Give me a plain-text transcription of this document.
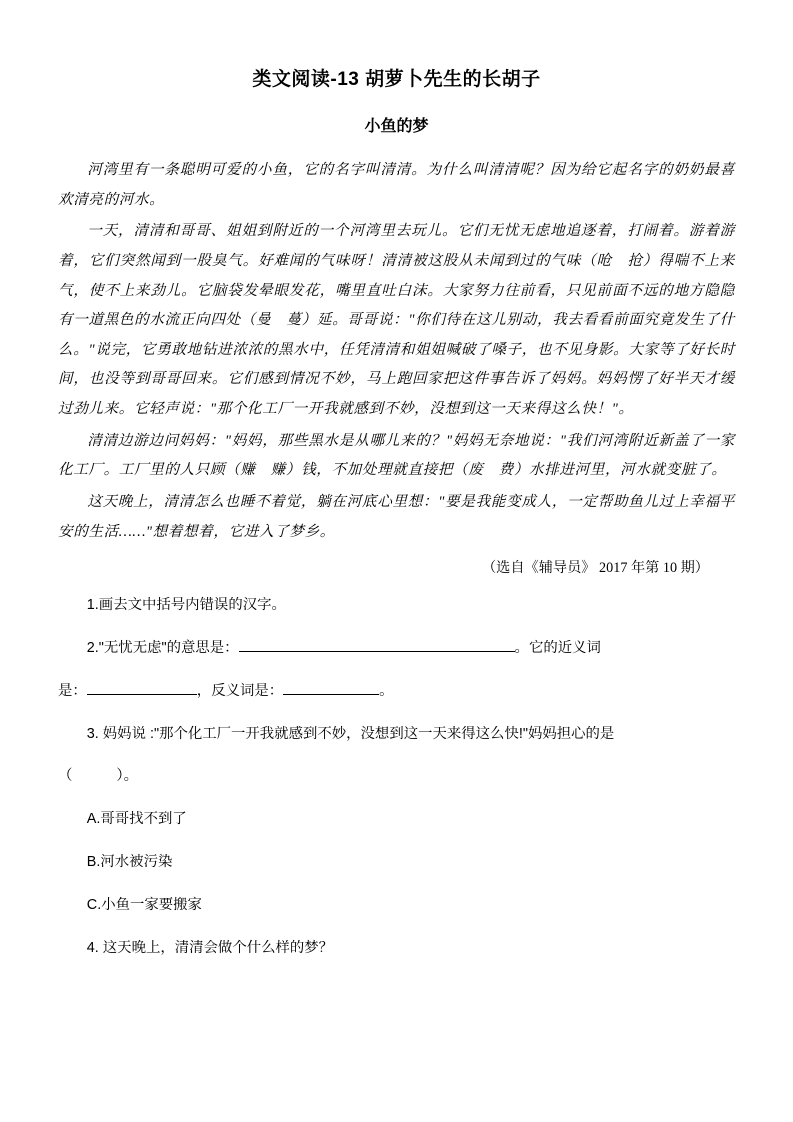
类文阅读-13 胡萝卜先生的长胡子
小鱼的梦

河湾里有一条聪明可爱的小鱼，它的名字叫清清。为什么叫清清呢？因为给它起名字的奶奶最喜欢清亮的河水。

一天，清清和哥哥、姐姐到附近的一个河湾里去玩儿。它们无忧无虑地追逐着，打闹着。游着游着，它们突然闻到一股臭气。好难闻的气味呀！清清被这股从未闻到过的气味（呛　抢）得喘不上来气，使不上来劲儿。它脑袋发晕眼发花，嘴里直吐白沫。大家努力往前看，只见前面不远的地方隐隐有一道黑色的水流正向四处（曼　蔓）延。哥哥说："你们待在这儿别动，我去看看前面究竟发生了什么。"说完，它勇敢地钻进浓浓的黑水中，任凭清清和姐姐喊破了嗓子，也不见身影。大家等了好长时间，也没等到哥哥回来。它们感到情况不妙，马上跑回家把这件事告诉了妈妈。妈妈愣了好半天才缓过劲儿来。它轻声说："那个化工厂一开我就感到不妙，没想到这一天来得这么快！"。

清清边游边问妈妈："妈妈，那些黑水是从哪儿来的？"妈妈无奈地说："我们河湾附近新盖了一家化工厂。工厂里的人只顾（赚　赚）钱，不加处理就直接把（废　费）水排进河里，河水就变脏了。

这天晚上，清清怎么也睡不着觉，躺在河底心里想："要是我能变成人，一定帮助鱼儿过上幸福平安的生活……"想着想着，它进入了梦乡。

（选自《辅导员》 2017 年第 10 期）

1.画去文中括号内错误的汉字。

2."无忧无虑"的意思是：	。它的近义词

是：	，反义词是：	。

3. 妈妈说 :"那个化工厂一开我就感到不妙，没想到这一天来得这么快!"妈妈担心的是

（	）。

A.哥哥找不到了

B.河水被污染

C.小鱼一家要搬家

4. 这天晚上，清清会做个什么样的梦？
